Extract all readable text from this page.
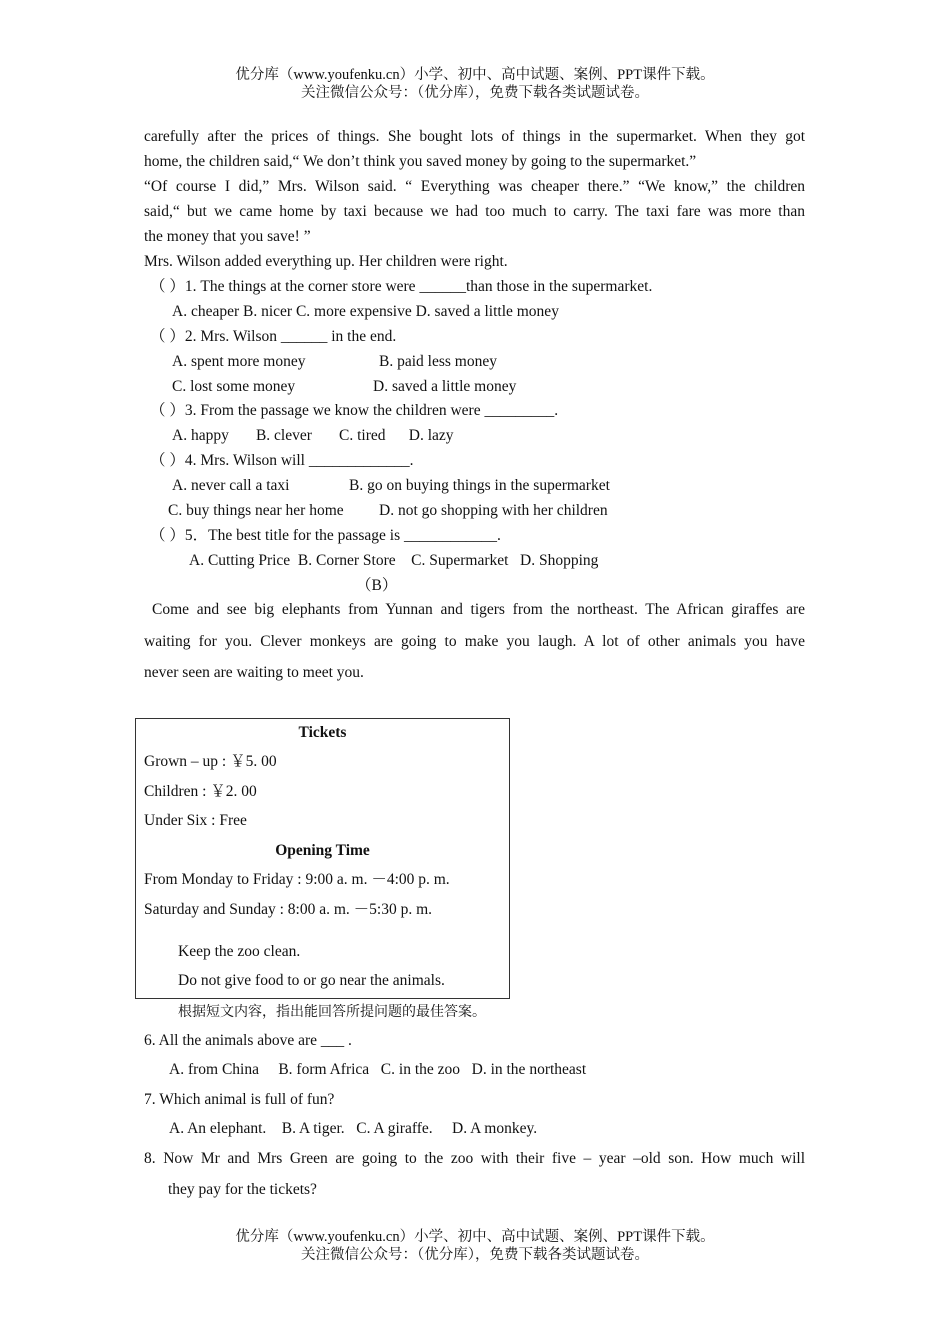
优分库（www.youfenku.cn）小学、初中、高中试题、案例、PPT课件下载。
关注微信公众号：（优分库），免费下载各类试题试卷。
carefully after the prices of things. She bought lots of things in the supermarket. When they got
home, the children said,“ We don’t think you saved money by going to the supermarket.”
“Of course I did,” Mrs. Wilson said. “ Everything was cheaper there.” “We know,” the children
said,“ but we came home by taxi because we had too much to carry. The taxi fare was more than
the money that you save! ”
Mrs. Wilson added everything up. Her children were right.
（ ）1. The things at the corner store were ______than those in the supermarket.
A. cheaper B. nicer C. more expensive D. saved a little money
（ ）2. Mrs. Wilson ______ in the end.
A. spent more money	B. paid less money
C. lost some money	D. saved a little money
（ ）3. From the passage we know the children were _________.
A. happy       B. clever       C. tired      D. lazy
（ ）4. Mrs. Wilson will _____________.
A. never call a taxi	B. go on buying things in the supermarket
C. buy things near her home D. not go shopping with her children
（ ）5．The best title for the passage is ____________.
A. Cutting Price  B. Corner Store    C. Supermarket   D. Shopping
（B）
Come and see big elephants from Yunnan and tigers from the northeast. The African giraffes are
waiting for you. Clever monkeys are going to make you laugh. A lot of other animals you have
never seen are waiting to meet you.
Tickets
Grown – up : ￥5. 00
Children : ￥2. 00
Under Six : Free
Opening Time
From Monday to Friday : 9:00 a. m. －4:00 p. m.
Saturday and Sunday : 8:00 a. m. －5:30 p. m.
Keep the zoo clean.
Do not give food to or go near the animals.
根据短文内容，指出能回答所提问题的最佳答案。
6. All the animals above are ___ .
A. from China     B. form Africa   C. in the zoo   D. in the northeast
7. Which animal is full of fun?
A. An elephant.    B. A tiger.   C. A giraffe.     D. A monkey.
8. Now Mr and Mrs Green are going to the zoo with their five – year –old son. How much will
they pay for the tickets?
优分库（www.youfenku.cn）小学、初中、高中试题、案例、PPT课件下载。
关注微信公众号：（优分库），免费下载各类试题试卷。
